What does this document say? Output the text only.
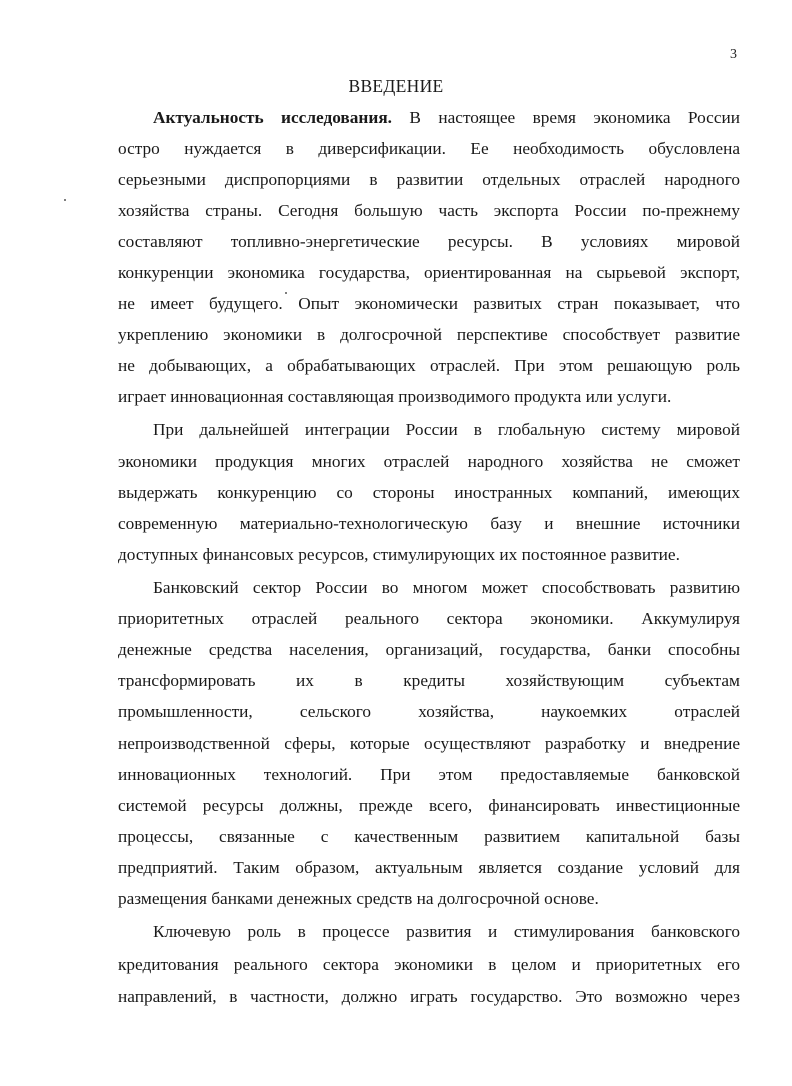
3
ВВЕДЕНИЕ
Актуальность исследования. В настоящее время экономика России
остро нуждается в диверсификации. Ее необходимость обусловлена
серьезными диспропорциями в развитии отдельных отраслей народного
хозяйства страны. Сегодня большую часть экспорта России по-прежнему
составляют топливно-энергетические ресурсы. В условиях мировой
конкуренции экономика государства, ориентированная на сырьевой экспорт,
не имеет будущего. Опыт экономически развитых стран показывает, что
укреплению экономики в долгосрочной перспективе способствует развитие
не добывающих, а обрабатывающих отраслей. При этом решающую роль
играет инновационная составляющая производимого продукта или услуги.
При дальнейшей интеграции России в глобальную систему мировой
экономики продукция многих отраслей народного хозяйства не сможет
выдержать конкуренцию со стороны иностранных компаний, имеющих
современную материально-технологическую базу и внешние источники
доступных финансовых ресурсов, стимулирующих их постоянное развитие.
Банковский сектор России во многом может способствовать развитию
приоритетных отраслей реального сектора экономики. Аккумулируя
денежные средства населения, организаций, государства, банки способны
трансформировать их в кредиты хозяйствующим субъектам
промышленности, сельского хозяйства, наукоемких отраслей
непроизводственной сферы, которые осуществляют разработку и внедрение
инновационных технологий. При этом предоставляемые банковской
системой ресурсы должны, прежде всего, финансировать инвестиционные
процессы, связанные с качественным развитием капитальной базы
предприятий. Таким образом, актуальным является создание условий для
размещения банками денежных средств на долгосрочной основе.
Ключевую роль в процессе развития и стимулирования банковского
кредитования реального сектора экономики в целом и приоритетных его
направлений, в частности, должно играть государство. Это возможно через
